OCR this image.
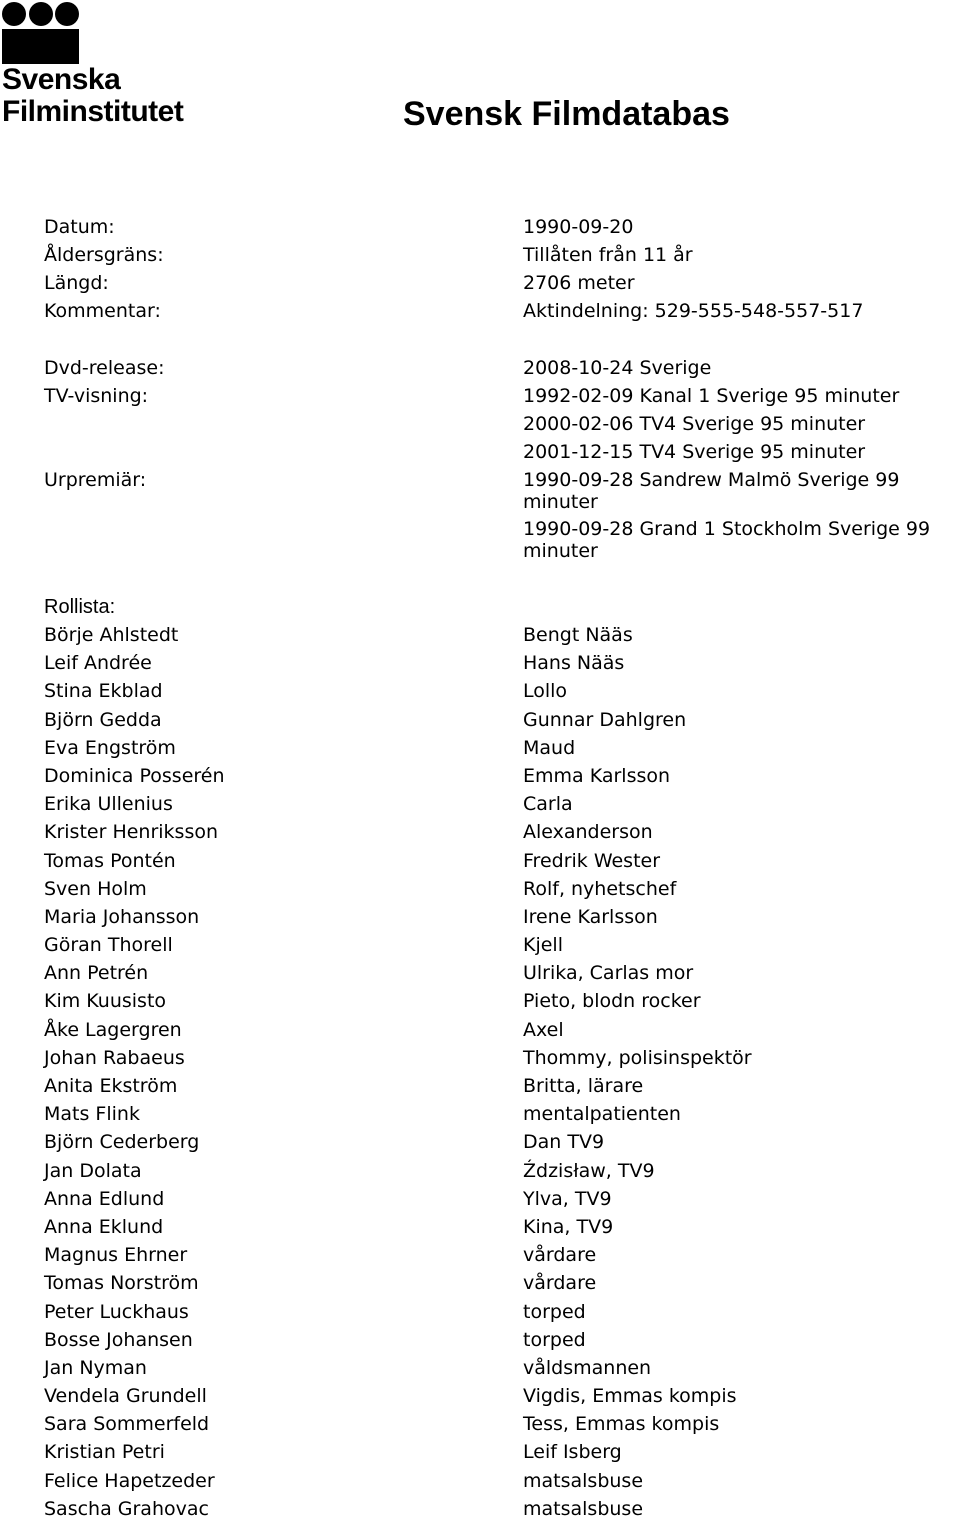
Svenska
Filminstitutet	Svensk Filmdatabas
Datum:	1990-09-20
Åldersgräns:	Tillåten från 11 år
Längd:	2706 meter
Kommentar:	Aktindelning: 529-555-548-557-517
Dvd-release:	2008-10-24 Sverige
TV-visning:	1992-02-09 Kanal 1 Sverige 95 minuter
2000-02-06 TV4 Sverige 95 minuter
2001-12-15 TV4 Sverige 95 minuter
Urpremiär:	1990-09-28 Sandrew Malmö Sverige 99 minuter
1990-09-28 Grand 1 Stockholm Sverige 99 minuter
Rollista:
Börje Ahlstedt	Bengt Nääs
Leif Andrée	Hans Nääs
Stina Ekblad	Lollo
Björn Gedda	Gunnar Dahlgren
Eva Engström	Maud
Dominica Posserén	Emma Karlsson
Erika Ullenius	Carla
Krister Henriksson	Alexanderson
Tomas Pontén	Fredrik Wester
Sven Holm	Rolf, nyhetschef
Maria Johansson	Irene Karlsson
Göran Thorell	Kjell
Ann Petrén	Ulrika, Carlas mor
Kim Kuusisto	Pieto, blodn rocker
Åke Lagergren	Axel
Johan Rabaeus	Thommy, polisinspektör
Anita Ekström	Britta, lärare
Mats Flink	mentalpatienten
Björn Cederberg	Dan TV9
Jan Dolata	Ździsław, TV9
Anna Edlund	Ylva, TV9
Anna Eklund	Kina, TV9
Magnus Ehrner	vårdare
Tomas Norström	vårdare
Peter Luckhaus	torped
Bosse Johansen	torped
Jan Nyman	våldsmannen
Vendela Grundell	Vigdis, Emmas kompis
Sara Sommerfeld	Tess, Emmas kompis
Kristian Petri	Leif Isberg
Felice Hapetzeder	matsalsbuse
Sascha Grahovac	matsalsbuse
